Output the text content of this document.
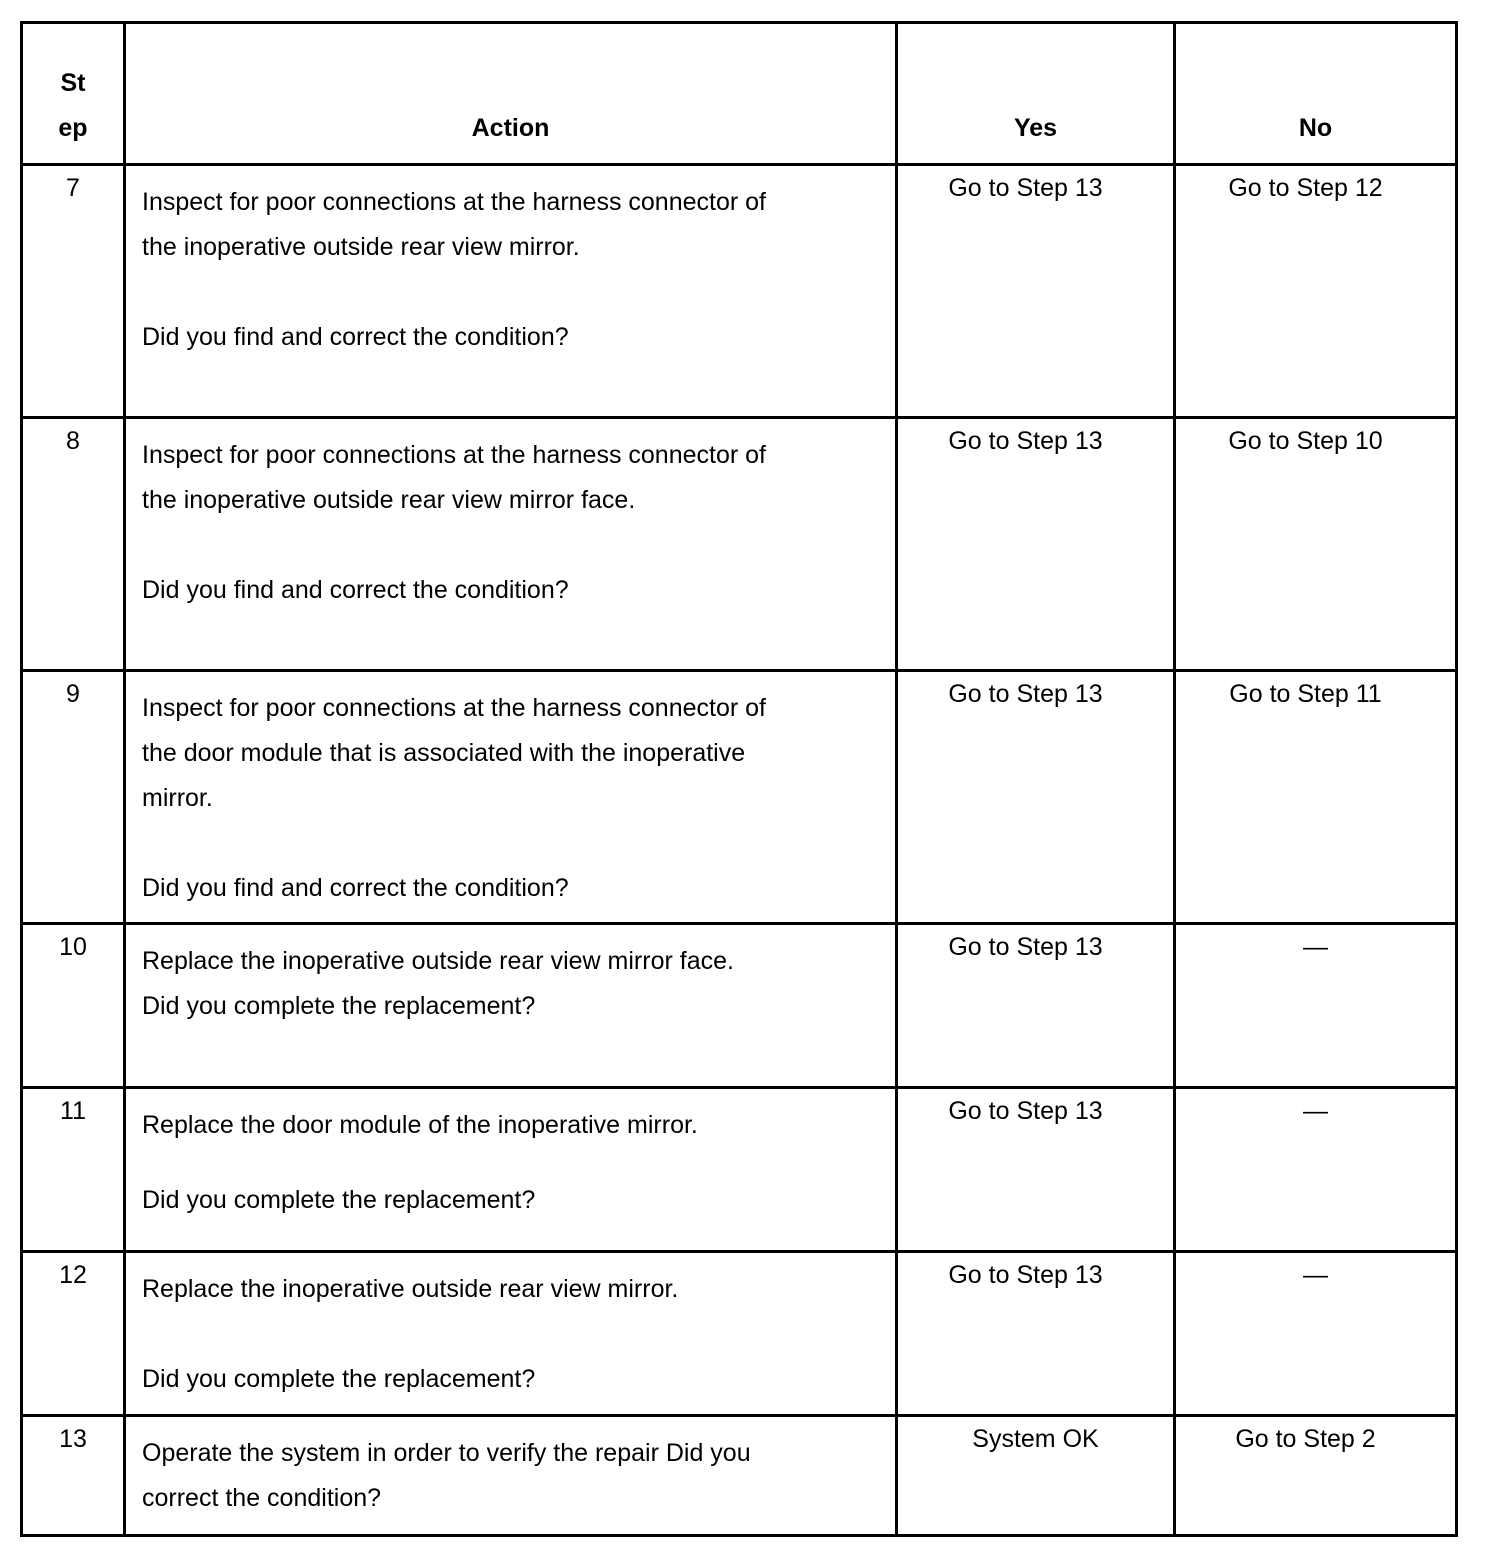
St
ep	Action	Yes	No
7	Inspect for poor connections at the harness connector of
the inoperative outside rear view mirror.
Did you find and correct the condition?	Go to Step 13	Go to Step 12
8	Inspect for poor connections at the harness connector of
the inoperative outside rear view mirror face.
Did you find and correct the condition?	Go to Step 13	Go to Step 10
9	Inspect for poor connections at the harness connector of
the door module that is associated with the inoperative
mirror.
Did you find and correct the condition?	Go to Step 13	Go to Step 11
10	Replace the inoperative outside rear view mirror face.
Did you complete the replacement?	Go to Step 13	—
11	Replace the door module of the inoperative mirror.
Did you complete the replacement?	Go to Step 13	—
12	Replace the inoperative outside rear view mirror.
Did you complete the replacement?	Go to Step 13	—
13	Operate the system in order to verify the repair Did you
correct the condition?	System OK	Go to Step 2
